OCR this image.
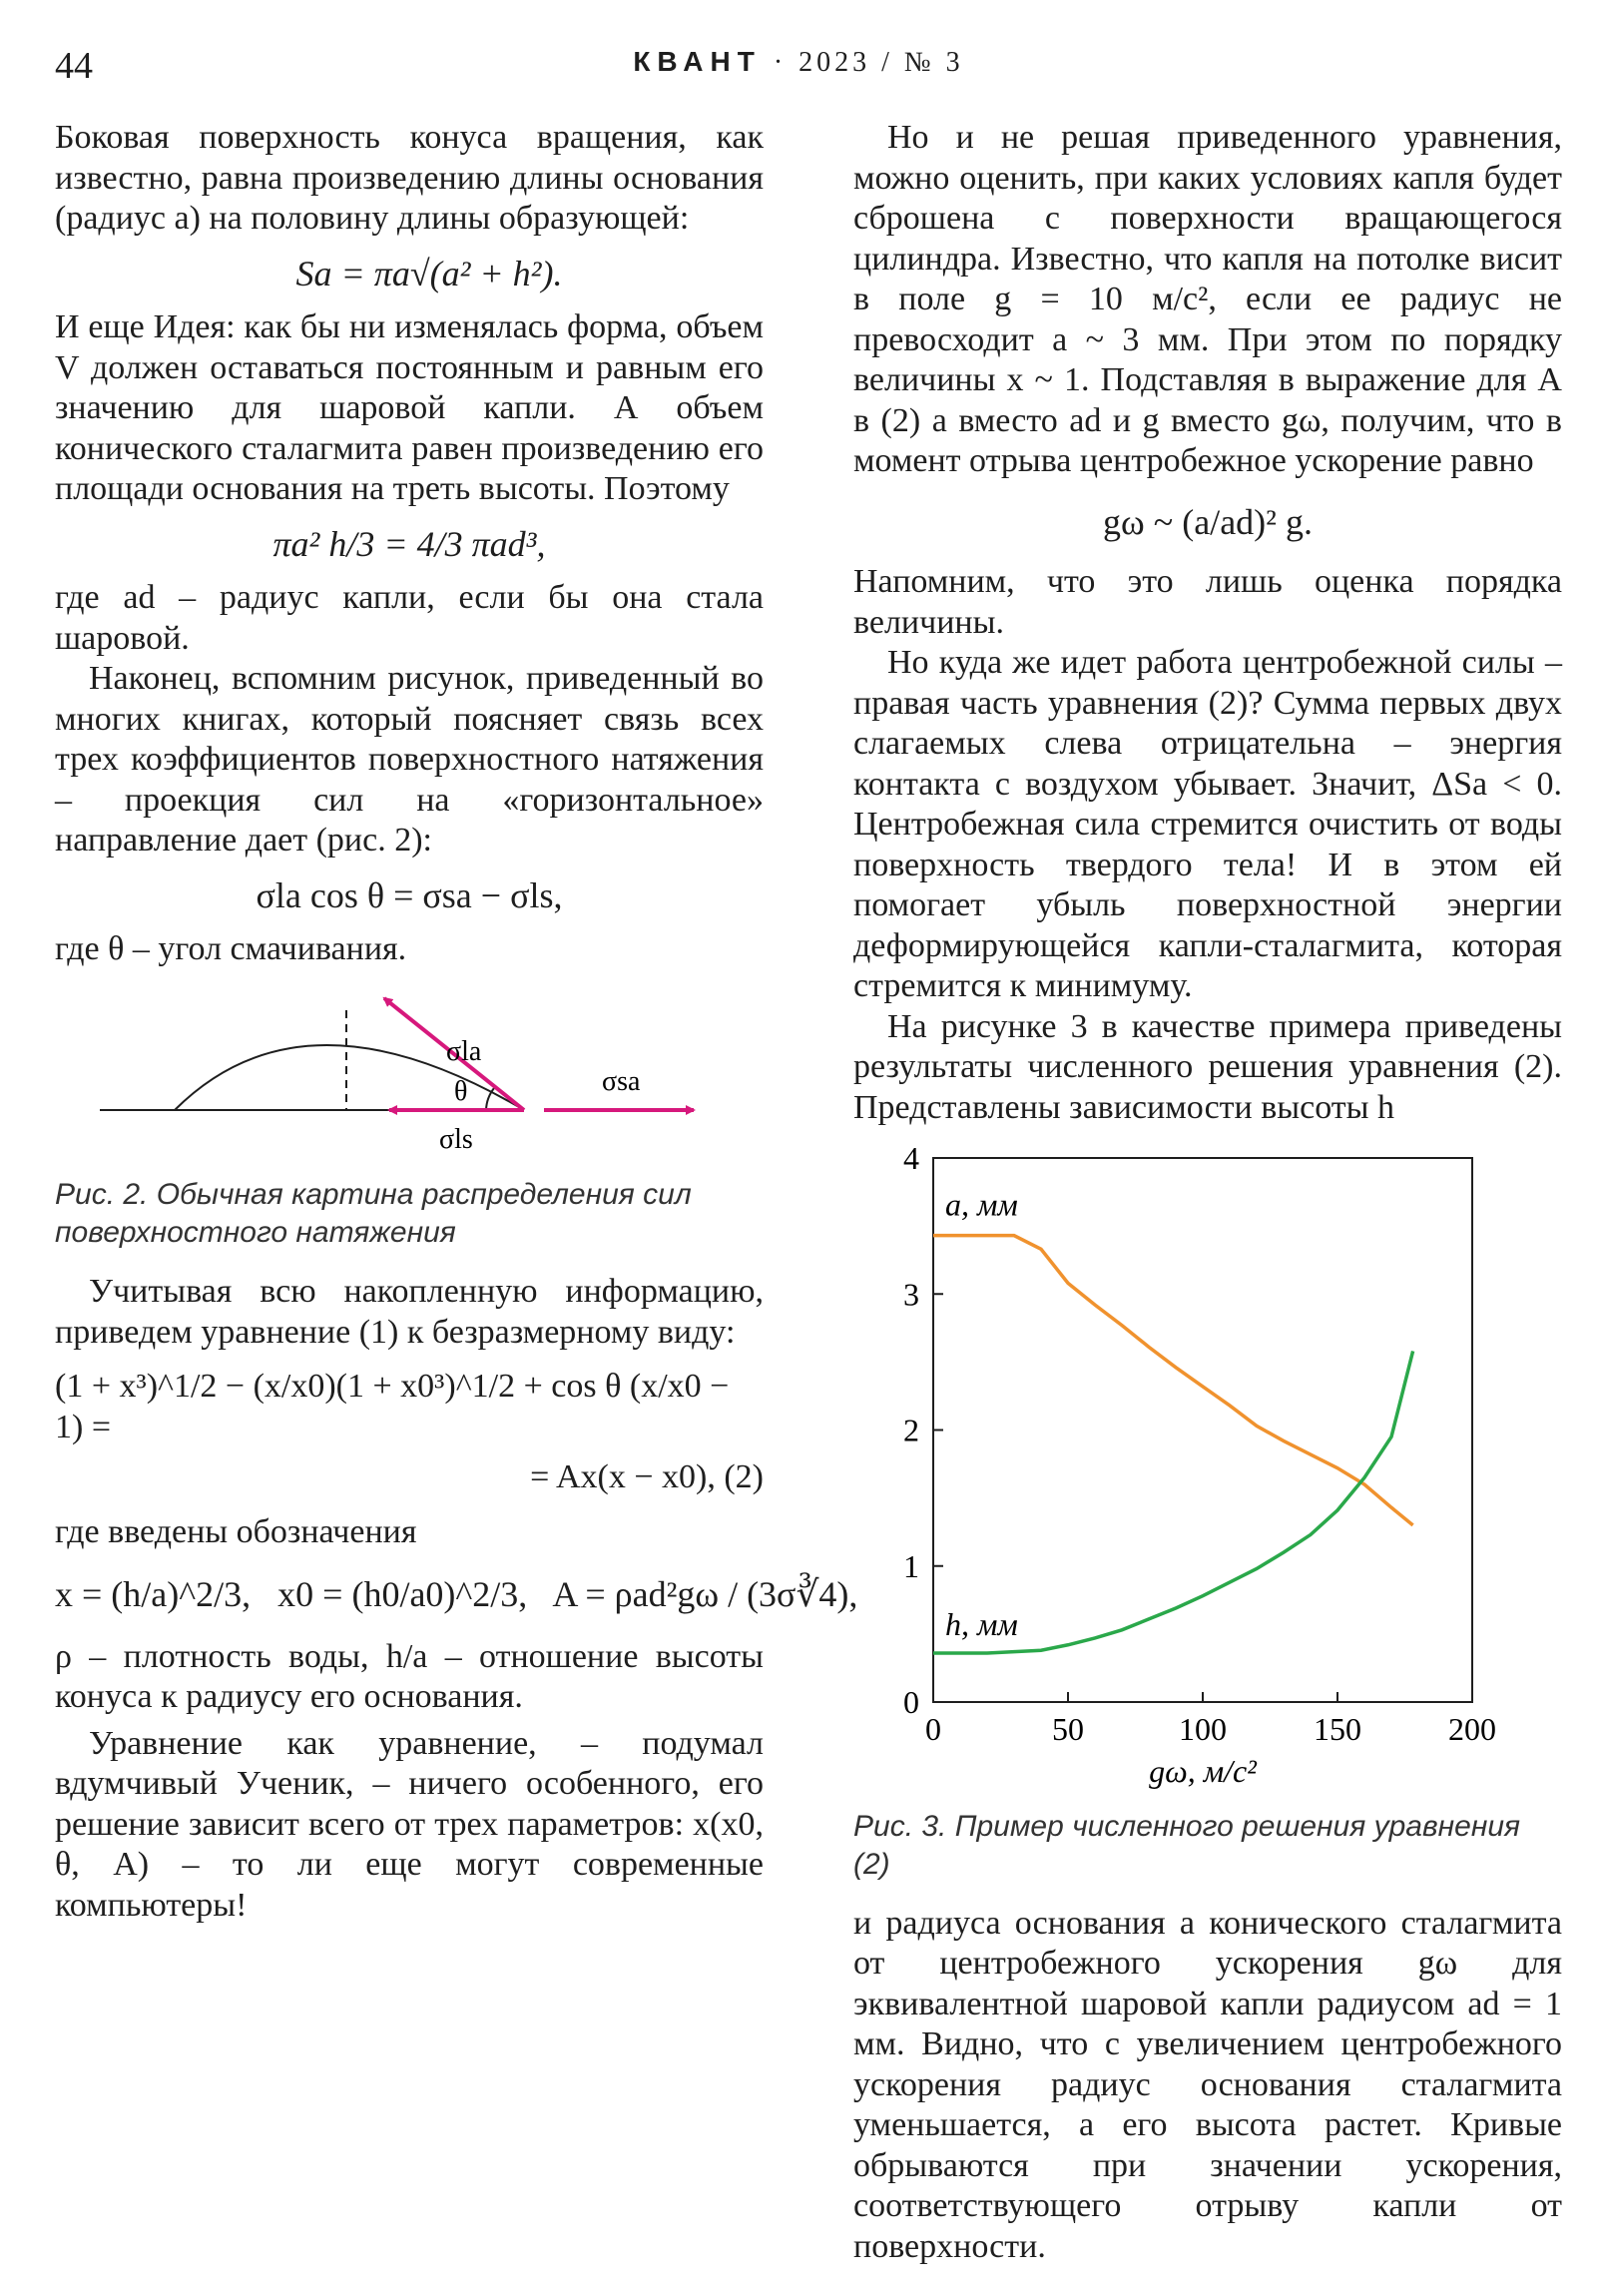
44	КВАНТ · 2023 / № 3

Боковая поверхность конуса вращения, как известно, равна произведению длины основания (радиус a) на половину длины образующей:

Sa = πa√(a² + h²).

И еще Идея: как бы ни изменялась форма, объем V должен оставаться постоянным и равным его значению для шаровой капли. А объем конического сталагмита равен произведению его площади основания на треть высоты. Поэтому

πa² h/3 = 4/3 πad³,

где ad – радиус капли, если бы она стала шаровой.

Наконец, вспомним рисунок, приведенный во многих книгах, который поясняет связь всех трех коэффициентов поверхностного натяжения – проекция сил на «горизонтальное» направление дает (рис. 2):

σla cos θ = σsa − σls,

где θ – угол смачивания.

σla
θ
σls
σsa
Рис. 2. Обычная картина распределения сил поверхностного натяжения

Учитывая всю накопленную информацию, приведем уравнение (1) к безразмерному виду:

(1 + x³)^1/2 − (x/x0)(1 + x0³)^1/2 + cos θ (x/x0 − 1) =
= Ax(x − x0), (2)

где введены обозначения

x = (h/a)^2/3,   x0 = (h0/a0)^2/3,   A = ρad²gω / (3σ∛4),

ρ – плотность воды, h/a – отношение высоты конуса к радиусу его основания.

Уравнение как уравнение, – подумал вдумчивый Ученик, – ничего особенного, его решение зависит всего от трех параметров: x(x0, θ, A) – то ли еще могут современные компьютеры!

Но и не решая приведенного уравнения, можно оценить, при каких условиях капля будет сброшена с поверхности вращающегося цилиндра. Известно, что капля на потолке висит в поле g = 10 м/с², если ее радиус не превосходит a ~ 3 мм. При этом по порядку величины x ~ 1. Подставляя в выражение для A в (2) a вместо ad и g вместо gω, получим, что в момент отрыва центробежное ускорение равно

gω ~ (a/ad)² g.

Напомним, что это лишь оценка порядка величины.

Но куда же идет работа центробежной силы – правая часть уравнения (2)? Сумма первых двух слагаемых слева отрицательна – энергия контакта с воздухом убывает. Значит, ΔSa < 0. Центробежная сила стремится очистить от воды поверхность твердого тела! И в этом ей помогает убыль поверхностной энергии деформирующейся капли-сталагмита, которая стремится к минимуму.

На рисунке 3 в качестве примера приведены результаты численного решения уравнения (2). Представлены зависимости высоты h

0	50	100	150	200
0
1
2
3
4
gω, м/с²
a, мм
h, мм
Рис. 3. Пример численного решения уравнения (2)

и радиуса основания a конического сталагмита от центробежного ускорения gω для эквивалентной шаровой капли радиусом ad = 1 мм. Видно, что с увеличением центробежного ускорения радиус основания сталагмита уменьшается, а его высота растет. Кривые обрываются при значении ускорения, соответствующего отрыву капли от поверхности.
